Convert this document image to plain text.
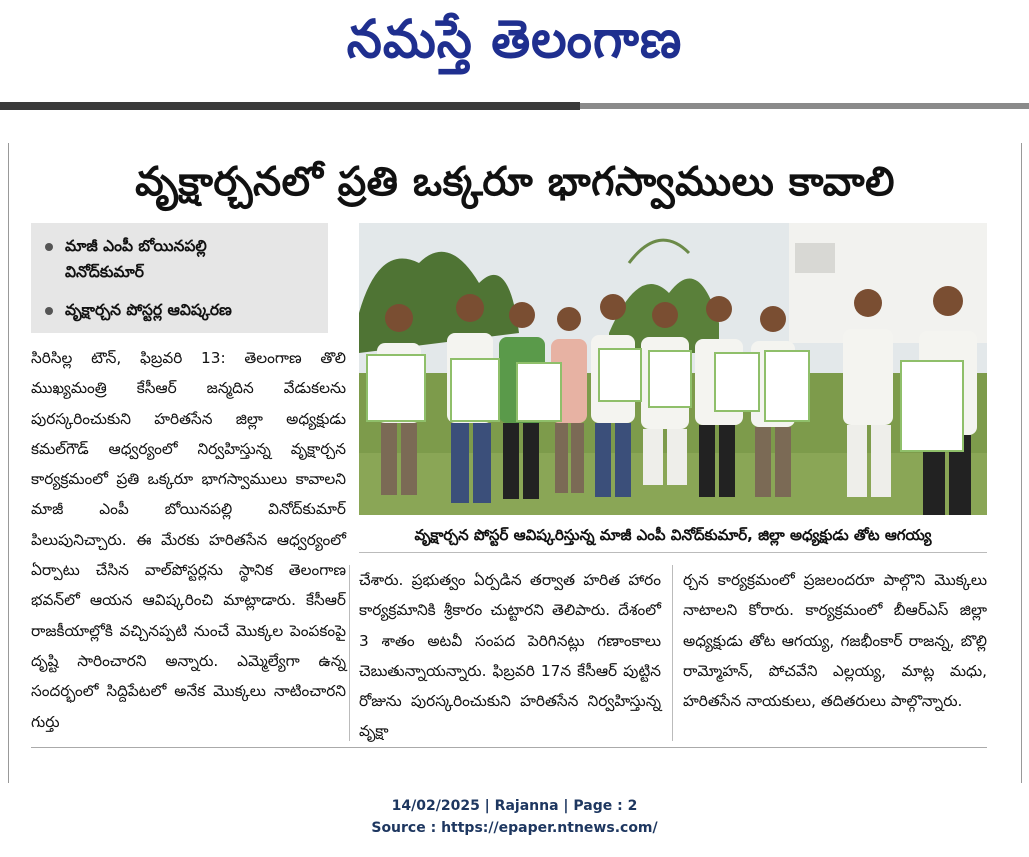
నమస్తే తెలంగాణ
వృక్షార్చనలో ప్రతి ఒక్కరూ భాగస్వాములు కావాలి
మాజీ ఎంపీ బోయినపల్లి
వినోద్‌కుమార్
వృక్షార్చన పోస్టర్ల ఆవిష్కరణ
వృక్షార్చన పోస్టర్ ఆవిష్కరిస్తున్న మాజీ ఎంపీ వినోద్‌కుమార్, జిల్లా అధ్యక్షుడు తోట ఆగయ్య

సిరిసిల్ల టౌన్, ఫిబ్రవరి 13: తెలంగాణ తొలి ముఖ్యమంత్రి కేసీఆర్ జన్మదిన వేడుకలను పురస్కరించుకుని హరితసేన జిల్లా అధ్యక్షుడు కమల్‌గౌడ్ ఆధ్వర్యంలో నిర్వహిస్తున్న వృక్షార్చన కార్యక్రమంలో ప్రతి ఒక్కరూ భాగస్వాములు కావాలని మాజీ ఎంపీ బోయినపల్లి వినోద్‌కుమార్ పిలుపునిచ్చారు. ఈ మేరకు హరితసేన ఆధ్వర్యంలో ఏర్పాటు చేసిన వాల్‌పోస్టర్లను స్థానిక తెలంగాణ భవన్‌లో ఆయన ఆవిష్కరించి మాట్లాడారు. కేసీఆర్ రాజకీయాల్లోకి వచ్చినప్పటి నుంచే మొక్కల పెంపకంపై దృష్టి సారించారని అన్నారు. ఎమ్మెల్యేగా ఉన్న సందర్భంలో సిద్దిపేటలో అనేక మొక్కలు నాటించారని గుర్తు

చేశారు. ప్రభుత్వం ఏర్పడిన తర్వాత హరిత హారం కార్యక్రమానికి శ్రీకారం చుట్టారని తెలిపారు. దేశంలో 3 శాతం అటవీ సంపద పెరిగినట్లు గణాంకాలు చెబుతున్నాయన్నారు. ఫిబ్రవరి 17న కేసీఆర్ పుట్టిన రోజును పురస్కరించుకుని హరితసేన నిర్వహిస్తున్న వృక్షా

ర్చన కార్యక్రమంలో ప్రజలందరూ పాల్గొని మొక్కలు నాటాలని కోరారు. కార్యక్రమంలో బీఆర్ఎస్ జిల్లా అధ్యక్షుడు తోట ఆగయ్య, గజభీంకార్ రాజన్న, బొల్లి రామ్మోహన్, పోచవేని ఎల్లయ్య, మాట్ల మధు, హరితసేన నాయకులు, తదితరులు పాల్గొన్నారు.

14/02/2025 | Rajanna | Page : 2
Source : https://epaper.ntnews.com/
